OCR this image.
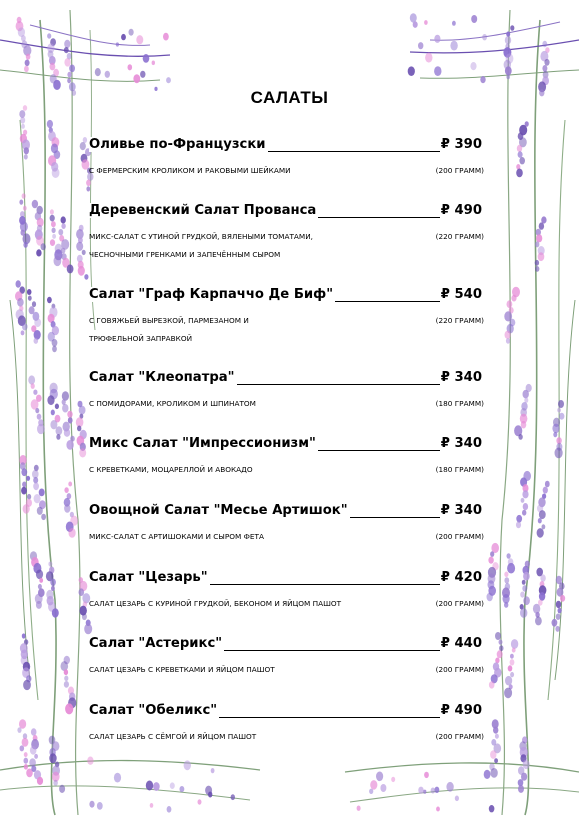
САЛАТЫ
Оливье по-Французски	₽ 390
С ФЕРМЕРСКИМ КРОЛИКОМ И РАКОВЫМИ ШЕЙКАМИ	(200 ГРАММ)
Деревенский Салат Прованса	₽ 490
МИКС-САЛАТ С УТИНОЙ ГРУДКОЙ, ВЯЛЕНЫМИ ТОМАТАМИ,
ЧЕСНОЧНЫМИ ГРЕНКАМИ И ЗАПЕЧЁННЫМ СЫРОМ
(220 ГРАММ)
Салат "Граф Карпаччо Де Биф"	₽ 540
С ГОВЯЖЬЕЙ ВЫРЕЗКОЙ, ПАРМЕЗАНОМ И
ТРЮФЕЛЬНОЙ ЗАПРАВКОЙ
(220 ГРАММ)
Салат "Клеопатра"	₽ 340
С ПОМИДОРАМИ, КРОЛИКОМ И ШПИНАТОМ	(180 ГРАММ)
Микс Салат "Импрессионизм"	₽ 340
С КРЕВЕТКАМИ, МОЦАРЕЛЛОЙ И АВОКАДО	(180 ГРАММ)
Овощной Салат "Месье Артишок"	₽ 340
МИКС-САЛАТ С АРТИШОКАМИ И СЫРОМ ФЕТА	(200 ГРАММ)
Салат "Цезарь"	₽ 420
САЛАТ ЦЕЗАРЬ С КУРИНОЙ ГРУДКОЙ, БЕКОНОМ И ЯЙЦОМ ПАШОТ	(200 ГРАММ)
Салат "Астерикс"	₽ 440
САЛАТ ЦЕЗАРЬ С КРЕВЕТКАМИ И ЯЙЦОМ ПАШОТ	(200 ГРАММ)
Салат "Обеликс"	₽ 490
САЛАТ ЦЕЗАРЬ С СЁМГОЙ И ЯЙЦОМ ПАШОТ	(200 ГРАММ)
